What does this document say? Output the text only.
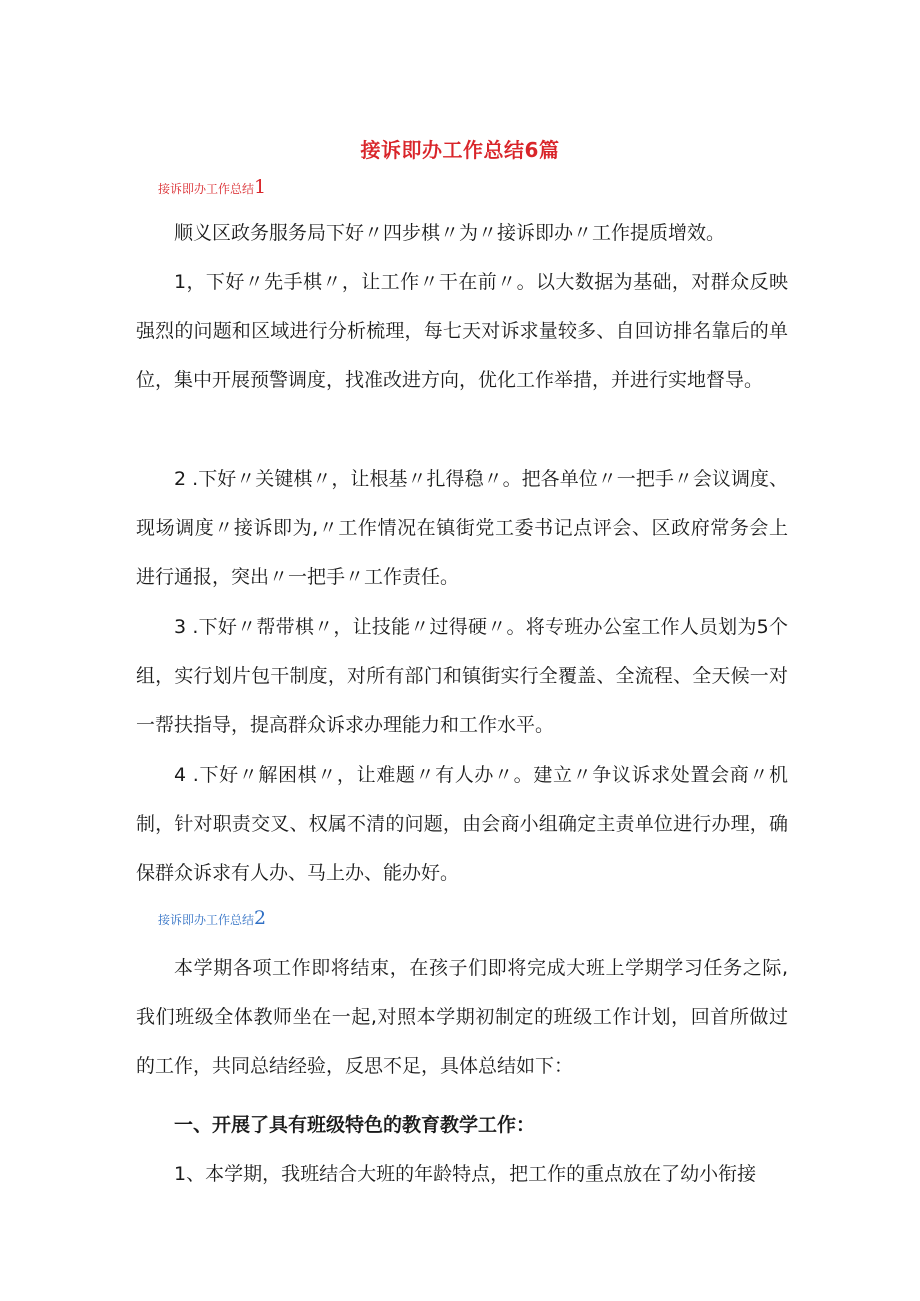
接诉即办工作总结6篇
接诉即办工作总结1

顺义区政务服务局下好〃四步棋〃为〃接诉即办〃工作提质增效。

1，下好〃先手棋〃，让工作〃干在前〃。以大数据为基础，对群众反映强烈的问题和区域进行分析梳理，每七天对诉求量较多、自回访排名靠后的单位，集中开展预警调度，找准改进方向，优化工作举措，并进行实地督导。

2 .下好〃关键棋〃，让根基〃扎得稳〃。把各单位〃一把手〃会议调度、现场调度〃接诉即为,〃工作情况在镇街党工委书记点评会、区政府常务会上进行通报，突出〃一把手〃工作责任。

3 .下好〃帮带棋〃，让技能〃过得硬〃。将专班办公室工作人员划为5个组，实行划片包干制度，对所有部门和镇街实行全覆盖、全流程、全天候一对一帮扶指导，提高群众诉求办理能力和工作水平。

4 .下好〃解困棋〃，让难题〃有人办〃。建立〃争议诉求处置会商〃机制，针对职责交叉、权属不清的问题，由会商小组确定主责单位进行办理，确保群众诉求有人办、马上办、能办好。

接诉即办工作总结2

本学期各项工作即将结束，在孩子们即将完成大班上学期学习任务之际,我们班级全体教师坐在一起,对照本学期初制定的班级工作计划，回首所做过的工作，共同总结经验，反思不足，具体总结如下：

一、开展了具有班级特色的教育教学工作：

1、本学期，我班结合大班的年龄特点，把工作的重点放在了幼小衔接
